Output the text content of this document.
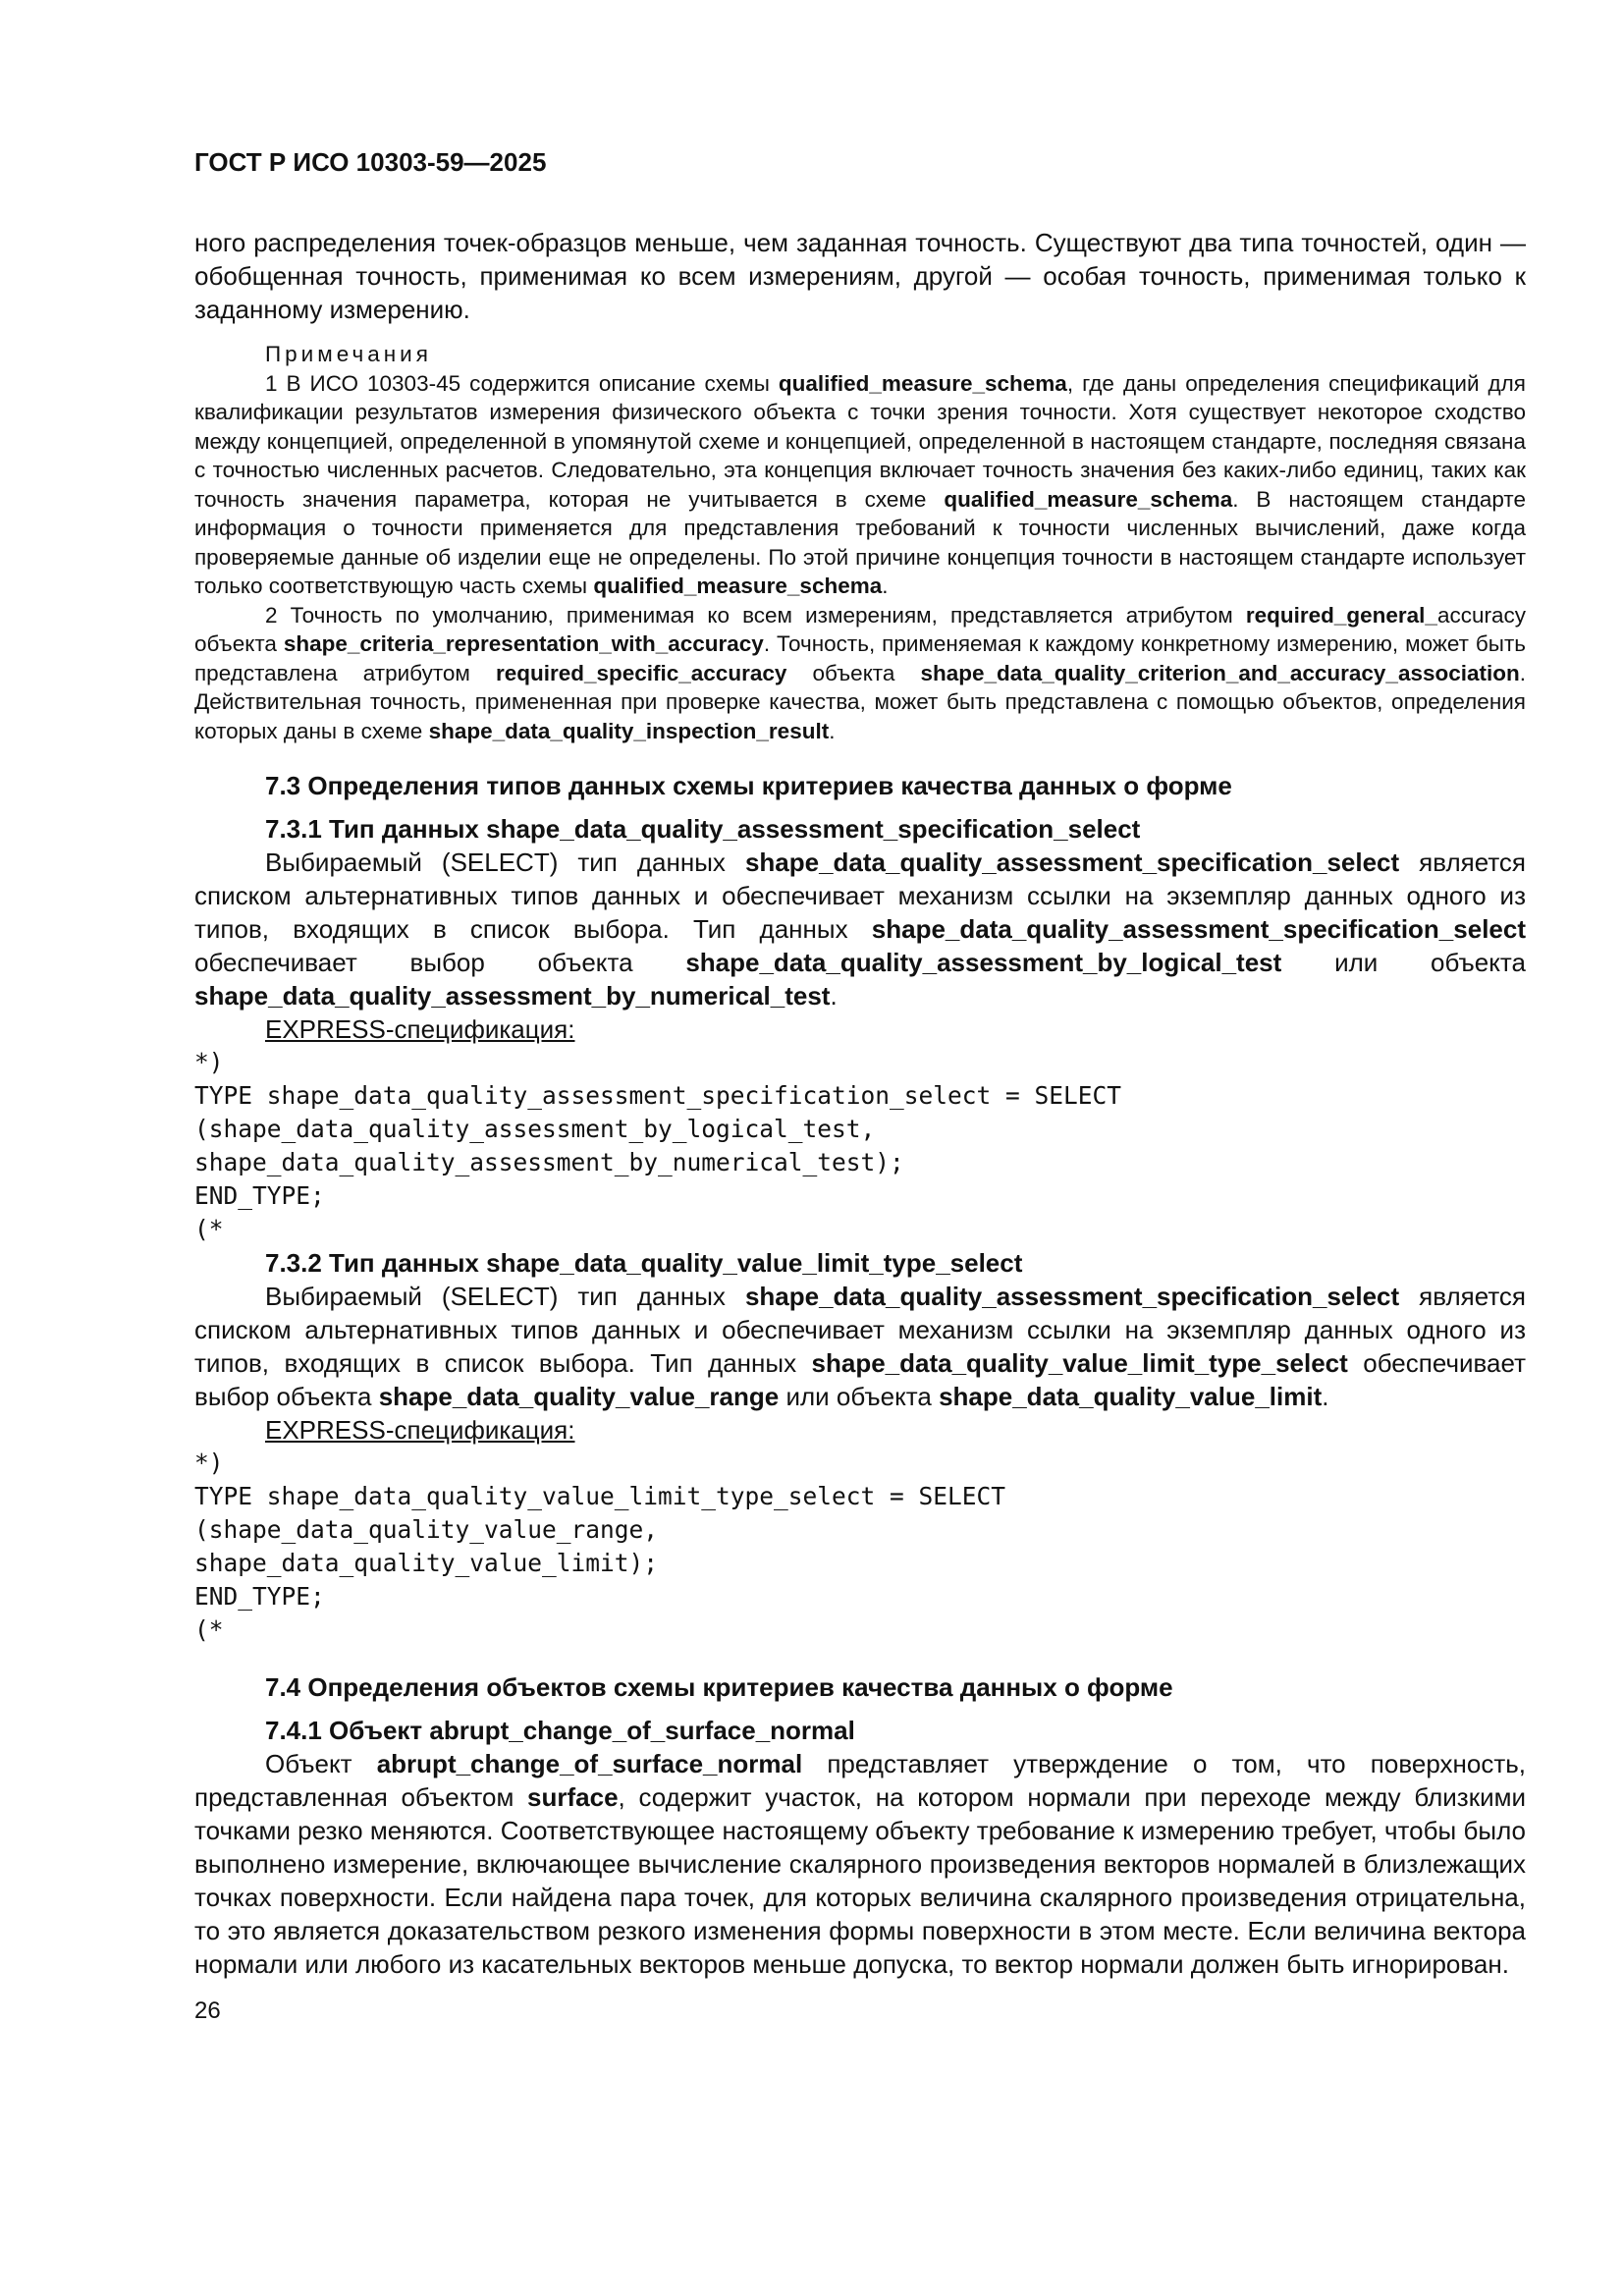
ГОСТ Р ИСО 10303-59—2025

ного распределения точек-образцов меньше, чем заданная точность. Существуют два типа точностей, один — обобщенная точность, применимая ко всем измерениям, другой — особая точность, применимая только к заданному измерению.

Примечания

1 В ИСО 10303-45 содержится описание схемы qualified_measure_schema, где даны определения спецификаций для квалификации результатов измерения физического объекта с точки зрения точности. Хотя существует некоторое сходство между концепцией, определенной в упомянутой схеме и концепцией, определенной в настоящем стандарте, последняя связана с точностью численных расчетов. Следовательно, эта концепция включает точность значения без каких-либо единиц, таких как точность значения параметра, которая не учитывается в схеме qualified_measure_schema. В настоящем стандарте информация о точности применяется для представления требований к точности численных вычислений, даже когда проверяемые данные об изделии еще не определены. По этой причине концепция точности в настоящем стандарте использует только соответствующую часть схемы qualified_measure_schema.

2 Точность по умолчанию, применимая ко всем измерениям, представляется атрибутом required_general_accuracy объекта shape_criteria_representation_with_accuracy. Точность, применяемая к каждому конкретному измерению, может быть представлена атрибутом required_specific_accuracy объекта shape_data_quality_criterion_and_accuracy_association. Действительная точность, примененная при проверке качества, может быть представлена с помощью объектов, определения которых даны в схеме shape_data_quality_inspection_result.

7.3 Определения типов данных схемы критериев качества данных о форме

7.3.1 Тип данных shape_data_quality_assessment_specification_select

Выбираемый (SELECT) тип данных shape_data_quality_assessment_specification_select является списком альтернативных типов данных и обеспечивает механизм ссылки на экземпляр данных одного из типов, входящих в список выбора. Тип данных shape_data_quality_assessment_specification_select обеспечивает выбор объекта shape_data_quality_assessment_by_logical_test или объекта shape_data_quality_assessment_by_numerical_test.

EXPRESS-спецификация:

*)
TYPE shape_data_quality_assessment_specification_select = SELECT
(shape_data_quality_assessment_by_logical_test,
shape_data_quality_assessment_by_numerical_test);
END_TYPE;
(*

7.3.2 Тип данных shape_data_quality_value_limit_type_select

Выбираемый (SELECT) тип данных shape_data_quality_assessment_specification_select является списком альтернативных типов данных и обеспечивает механизм ссылки на экземпляр данных одного из типов, входящих в список выбора. Тип данных shape_data_quality_value_limit_type_select обеспечивает выбор объекта shape_data_quality_value_range или объекта shape_data_quality_value_limit.

EXPRESS-спецификация:

*)
TYPE shape_data_quality_value_limit_type_select = SELECT
(shape_data_quality_value_range,
shape_data_quality_value_limit);
END_TYPE;
(*

7.4 Определения объектов схемы критериев качества данных о форме

7.4.1 Объект abrupt_change_of_surface_normal

Объект abrupt_change_of_surface_normal представляет утверждение о том, что поверхность, представленная объектом surface, содержит участок, на котором нормали при переходе между близкими точками резко меняются. Соответствующее настоящему объекту требование к измерению требует, чтобы было выполнено измерение, включающее вычисление скалярного произведения векторов нормалей в близлежащих точках поверхности. Если найдена пара точек, для которых величина скалярного произведения отрицательна, то это является доказательством резкого изменения формы поверхности в этом месте. Если величина вектора нормали или любого из касательных векторов меньше допуска, то вектор нормали должен быть игнорирован.

26
